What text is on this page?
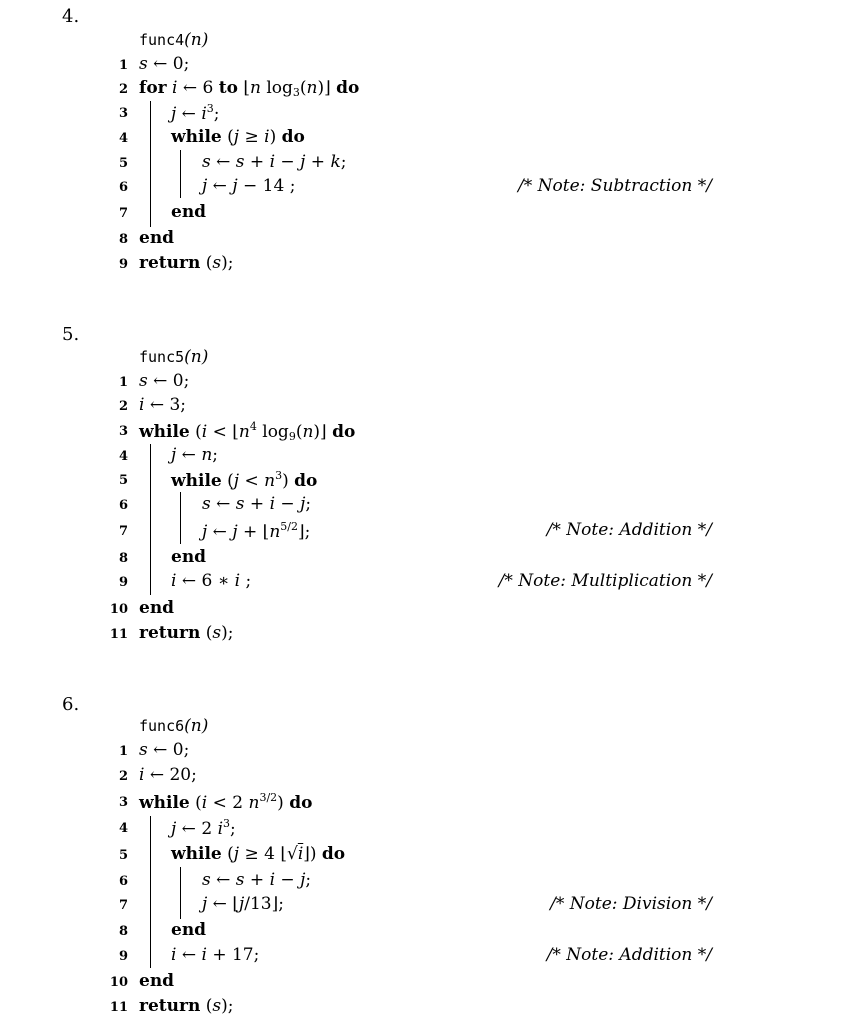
4.
func4(n)
1 s ← 0;
2 for i ← 6 to ⌊n $\log_3(n)⌋$ do
3	j ← $i^3$;
4	while (j ≥ i) do
5	s ← s + i − j + k;
6	j ← j − 14 ;	/* Note: Subtraction */
7	end
8 end
9 return (s);
5.
func5(n)
1 s ← 0;
2 i ← 3;
3 while ($i < ⌊n^4$ $\log_9(n)⌋$ do
4	j ← n;
5	while $(j < n^3)$ do
6	s ← s + i − j;
7	j ← $j + ⌊n^{5/2}⌋$;	/* Note: Addition */
8	end
9	i ← 6 ∗ i ;	/* Note: Multiplication */
10 end
11 return (s);
6.
func6(n)
1 s ← 0;
2 i ← 20;
3 while (i < 2 $n^{3/2}$) do
4	j ← 2 $i^3$;
5	while (j ≥ 4 ⌊√i⌋) do
6	s ← s + i − j;
7	j ← ⌊j/13⌋;	/* Note: Division */
8	end
9	i ← i + 17;	/* Note: Addition */
10 end
11 return (s);
